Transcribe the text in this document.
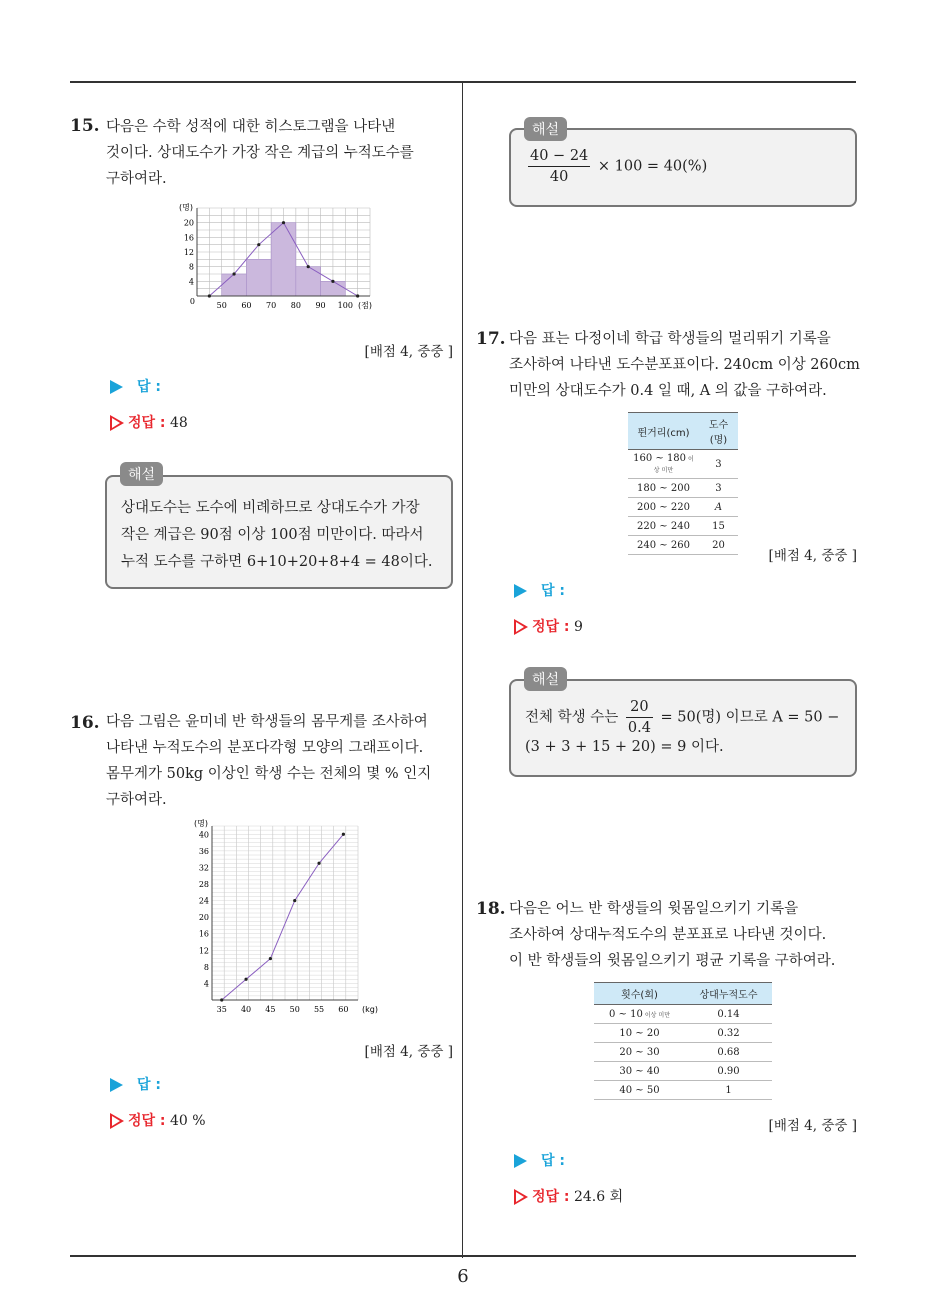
6
15. 다음은 수학 성적에 대한 히스토그램을 나타낸
것이다. 상대도수가 가장 작은 계급의 누적도수를
구하여라.
50 60 70 80 90 100
4
8
12
16
20
0
(명)
(점)
[배점 4, 중중 ]
답 :
정답 : 48
상대도수는 도수에 비례하므로 상대도수가 가장
작은 계급은 90점 이상 100점 미만이다. 따라서
누적 도수를 구하면 6+10+20+8+4 = 48이다.
해설
16. 다음 그림은 윤미네 반 학생들의 몸무게를 조사하여
나타낸 누적도수의 분포다각형 모양의 그래프이다.
몸무게가 50kg 이상인 학생 수는 전체의 몇 % 인지
구하여라.
35 40 45 50 55 60
4
8
12
16
20
24
28
32
36
40
(명)
(kg)
[배점 4, 중중 ]
답 :
정답 : 40 %
$\frac{40 - 24}{40} \times 100 = 40(\%)$
해설
17. 다음 표는 다정이네 학급 학생들의 멀리뛰기 기록을
조사하여 나타낸 도수분포표이다. 240cm 이상 260cm
미만의 상대도수가 0.4 일 때, A 의 값을 구하여라.
뛴거리(cm)	도수(명)
160 ~ 180 이상 미만	3
180 ~ 200	3
200 ~ 220	A
220 ~ 240	15
240 ~ 260	20
[배점 4, 중중 ]
답 :
정답 : 9
전체 학생 수는 $\frac{20}{0.4} = 50$(명) 이므로 A = 50 −
(3 + 3 + 15 + 20) = 9 이다.
해설
18. 다음은 어느 반 학생들의 윗몸일으키기 기록을
조사하여 상대누적도수의 분포표로 나타낸 것이다.
이 반 학생들의 윗몸일으키기 평균 기록을 구하여라.
횟수(회)	상대누적도수
0 ~ 10 이상 미만	0.14
10 ~ 20	0.32
20 ~ 30	0.68
30 ~ 40	0.90
40 ~ 50	1
[배점 4, 중중 ]
답 :
정답 : 24.6 회
